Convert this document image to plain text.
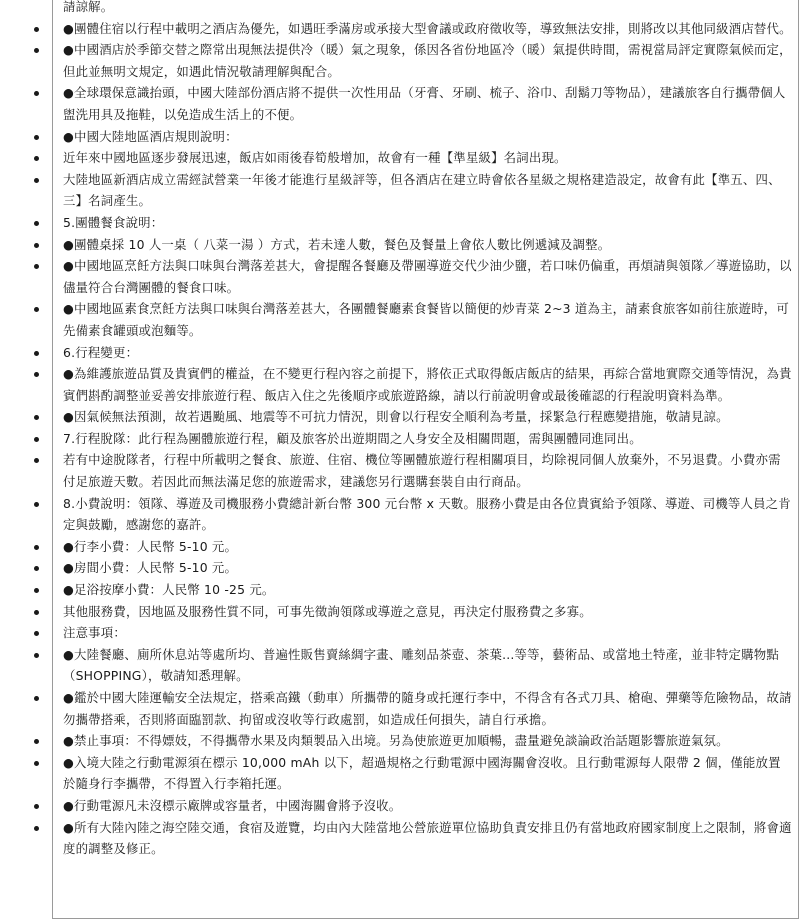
請諒解。
●團體住宿以行程中載明之酒店為優先，如遇旺季滿房或承接大型會議或政府徵收等，導致無法安排，則將改以其他同級酒店替代。
●中國酒店於季節交替之際常出現無法提供冷（暖）氣之現象，係因各省份地區冷（暖）氣提供時間，需視當局評定實際氣候而定，但此並無明文規定，如遇此情況敬請理解與配合。
●全球環保意識抬頭，中國大陸部份酒店將不提供一次性用品（牙膏、牙刷、梳子、浴巾、刮鬍刀等物品），建議旅客自行攜帶個人盥洗用具及拖鞋，以免造成生活上的不便。
●中國大陸地區酒店規則說明：
近年來中國地區逐步發展迅速，飯店如雨後春筍般增加，故會有一種【準星級】名詞出現。
大陸地區新酒店成立需經試營業一年後才能進行星級評等，但各酒店在建立時會依各星級之規格建造設定，故會有此【準五、四、三】名詞產生。
5.團體餐食說明：
●團體桌採 10 人一桌（ 八菜一湯 ）方式，若未達人數，餐色及餐量上會依人數比例遞減及調整。
●中國地區烹飪方法與口味與台灣落差甚大，會提醒各餐廳及帶團導遊交代少油少鹽，若口味仍偏重，再煩請與領隊／導遊協助，以儘量符合台灣團體的餐食口味。
●中國地區素食烹飪方法與口味與台灣落差甚大，各團體餐廳素食餐皆以簡便的炒青菜 2~3 道為主，請素食旅客如前往旅遊時，可先備素食罐頭或泡麵等。
6.行程變更：
●為維護旅遊品質及貴賓們的權益，在不變更行程內容之前提下，將依正式取得飯店飯店的結果，再綜合當地實際交通等情況，為貴賓們斟酌調整並妥善安排旅遊行程、飯店入住之先後順序或旅遊路線，請以行前說明會或最後確認的行程說明資料為準。
●因氣候無法預測，故若遇颱風、地震等不可抗力情況，則會以行程安全順利為考量，採緊急行程應變措施，敬請見諒。
7.行程脫隊：此行程為團體旅遊行程，顧及旅客於出遊期間之人身安全及相關問題，需與團體同進同出。
若有中途脫隊者，行程中所載明之餐食、旅遊、住宿、機位等團體旅遊行程相關項目，均除視同個人放棄外，不另退費。小費亦需付足旅遊天數。若因此而無法滿足您的旅遊需求，建議您另行選購套裝自由行商品。
8.小費說明：領隊、導遊及司機服務小費總計新台幣 300 元台幣 x 天數。服務小費是由各位貴賓給予領隊、導遊、司機等人員之肯定與鼓勵，感謝您的嘉許。
●行李小費：人民幣 5-10 元。
●房間小費：人民幣 5-10 元。
●足浴按摩小費：人民幣 10 -25 元。
其他服務費，因地區及服務性質不同，可事先徵詢領隊或導遊之意見，再決定付服務費之多寡。
注意事項：
●大陸餐廳、廁所休息站等處所均、普遍性販售賣絲綢字畫、雕刻品茶壺、茶葉...等等，藝術品、或當地土特產，並非特定購物點（SHOPPING），敬請知悉理解。
●鑑於中國大陸運輸安全法規定，搭乘高鐵（動車）所攜帶的隨身或托運行李中，不得含有各式刀具、槍砲、彈藥等危險物品，故請勿攜帶搭乘，否則將面臨罰款、拘留或沒收等行政處罰，如造成任何損失，請自行承擔。
●禁止事項：不得嫖妓，不得攜帶水果及肉類製品入出境。另為使旅遊更加順暢，盡量避免談論政治話題影響旅遊氣氛。
●入境大陸之行動電源須在標示 10,000 mAh 以下，超過規格之行動電源中國海關會沒收。且行動電源每人限帶 2 個，僅能放置於隨身行李攜帶，不得置入行李箱托運。
●行動電源凡未沒標示廠牌或容量者，中國海關會將予沒收。
●所有大陸內陸之海空陸交通，食宿及遊覽，均由內大陸當地公營旅遊單位協助負責安排且仍有當地政府國家制度上之限制，將會適度的調整及修正。
